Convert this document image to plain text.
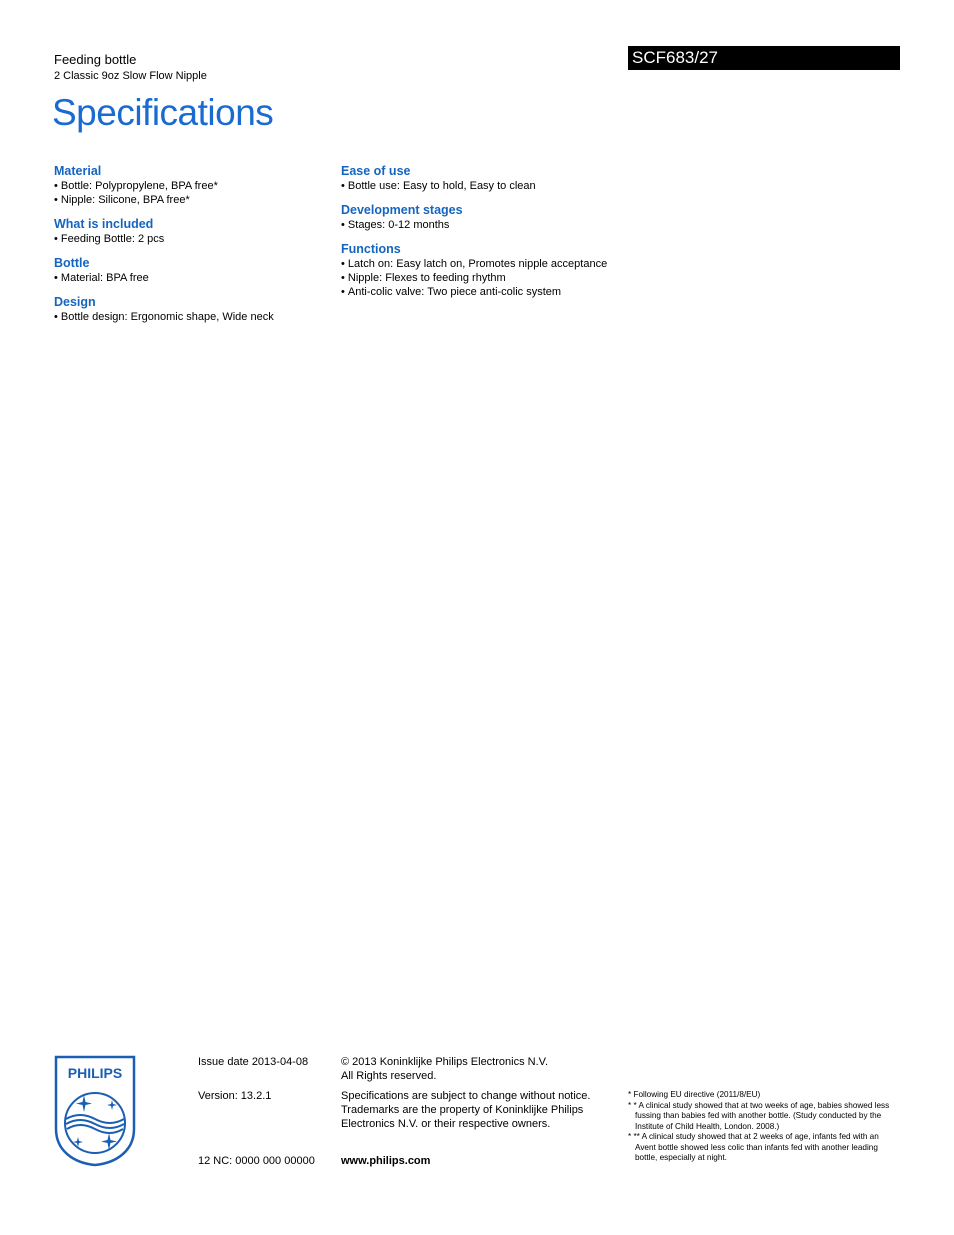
Feeding bottle
2 Classic 9oz Slow Flow Nipple
SCF683/27
Specifications
Material
• Bottle: Polypropylene, BPA free*
• Nipple: Silicone, BPA free*
What is included
• Feeding Bottle: 2 pcs
Bottle
• Material: BPA free
Design
• Bottle design: Ergonomic shape, Wide neck
Ease of use
• Bottle use: Easy to hold, Easy to clean
Development stages
• Stages: 0-12 months
Functions
• Latch on: Easy latch on, Promotes nipple acceptance
• Nipple: Flexes to feeding rhythm
• Anti-colic valve: Two piece anti-colic system
PHILIPS
Issue date 2013-04-08
Version: 13.2.1
12 NC: 0000 000 00000
© 2013 Koninklijke Philips Electronics N.V.
All Rights reserved.
Specifications are subject to change without notice.
Trademarks are the property of Koninklijke Philips
Electronics N.V. or their respective owners.
www.philips.com
* Following EU directive (2011/8/EU)
* * A clinical study showed that at two weeks of age, babies showed less
fussing than babies fed with another bottle. (Study conducted by the
Institute of Child Health, London. 2008.)
* ** A clinical study showed that at 2 weeks of age, infants fed with an
Avent bottle showed less colic than infants fed with another leading
bottle, especially at night.
